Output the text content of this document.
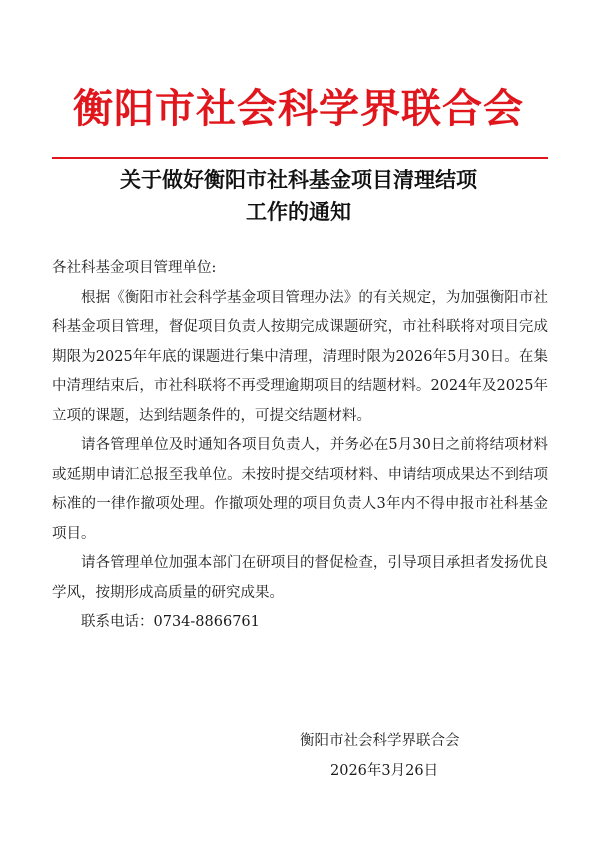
衡阳市社会科学界联合会
关于做好衡阳市社科基金项目清理结项
工作的通知

各社科基金项目管理单位:

根据《衡阳市社会科学基金项目管理办法》的有关规定，为加强衡阳市社科基金项目管理，督促项目负责人按期完成课题研究，市社科联将对项目完成期限为2025年年底的课题进行集中清理，清理时限为2026年5月30日。在集中清理结束后，市社科联将不再受理逾期项目的结题材料。2024年及2025年立项的课题，达到结题条件的，可提交结题材料。

请各管理单位及时通知各项目负责人，并务必在5月30日之前将结项材料或延期申请汇总报至我单位。未按时提交结项材料、申请结项成果达不到结项标准的一律作撤项处理。作撤项处理的项目负责人3年内不得申报市社科基金项目。

请各管理单位加强本部门在研项目的督促检查，引导项目承担者发扬优良学风，按期形成高质量的研究成果。

联系电话：0734-8866761

衡阳市社会科学界联合会
2026年3月26日
